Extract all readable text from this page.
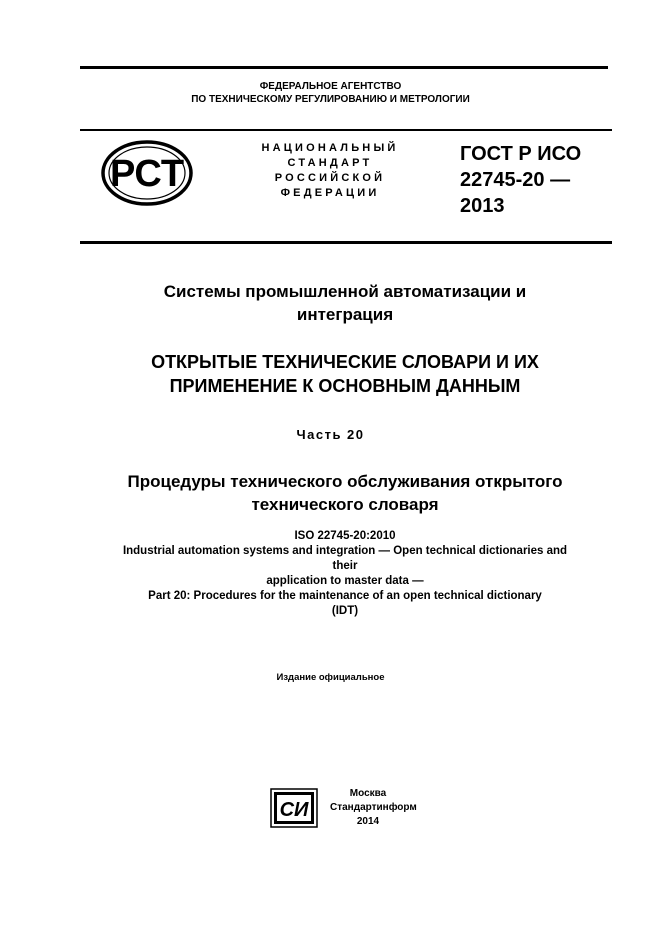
ФЕДЕРАЛЬНОЕ АГЕНТСТВО
ПО ТЕХНИЧЕСКОМУ РЕГУЛИРОВАНИЮ И МЕТРОЛОГИИ
РСТ
НАЦИОНАЛЬНЫЙ
СТАНДАРТ
РОССИЙСКОЙ
ФЕДЕРАЦИИ
ГОСТ Р ИСО
22745-20 —
2013
Системы промышленной автоматизации и
интеграция
ОТКРЫТЫЕ ТЕХНИЧЕСКИЕ СЛОВАРИ И ИХ
ПРИМЕНЕНИЕ К ОСНОВНЫМ ДАННЫМ
Часть 20
Процедуры технического обслуживания открытого
технического словаря
ISO 22745-20:2010
Industrial automation systems and integration — Open technical dictionaries and
their
application to master data —
Part 20: Procedures for the maintenance of an open technical dictionary
(IDT)
Издание официальное
СИ
Москва
Стандартинформ
2014
